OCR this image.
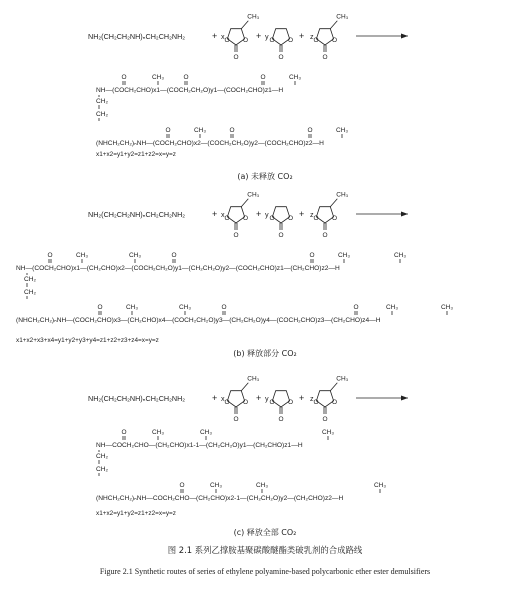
NH₂(CH₂CH₂NH)ₙCH₂CH₂NH₂	+ x O O
O
CH₃
+ y O O
O
+ z O O
O
CH₃
NH—(COCH₂CHO)x1—(COCH₂CH₂O)y1—(COCH₂CHO)z1—H
O	CH₃	O	O	CH₃
CH₂
CH₂
(NHCH₂CH₂)ₙNH—(COCH₂CHO)x2—(COCH₂CH₂O)y2—(COCH₂CHO)z2—H
O	CH₃	O	O	CH₃
x1+x2=y1+y2=z1+z2=x=y=z
(a) 未释放 CO₂
NH₂(CH₂CH₂NH)ₙCH₂CH₂NH₂	+ x O O
O
CH₃
+ y O O
O
+ z O O
O
CH₃
NH—(COCH₂CHO)x1—(CH₂CHO)x2—(COCH₂CH₂O)y1—(CH₂CH₂O)y2—(COCH₂CHO)z1—(CH₂CHO)z2—H
O	CH₃	CH₃	O	O	CH₃	CH₃
CH₂
CH₂
(NHCH₂CH₂)ₙNH—(COCH₂CHO)x3—(CH₂CHO)x4—(COCH₂CH₂O)y3—(CH₂CH₂O)y4—(COCH₂CHO)z3—(CH₂CHO)z4—H
O	CH₃	CH₃	O	O	CH₃	CH₃
x1+x2+x3+x4=y1+y2+y3+y4=z1+z2+z3+z4=x=y=z
(b) 释放部分 CO₂
NH₂(CH₂CH₂NH)ₙCH₂CH₂NH₂	+ x O O
O
CH₃
+ y O O
O
+ z O O
O
CH₃
NH—COCH₂CHO—(CH₂CHO)x1-1—(CH₂CH₂O)y1—(CH₂CHO)z1—H
O	CH₃	CH₃	CH₃
CH₂
CH₂
(NHCH₂CH₂)ₙNH—COCH₂CHO—(CH₂CHO)x2-1—(CH₂CH₂O)y2—(CH₂CHO)z2—H
O	CH₃	CH₃	CH₃
x1+x2=y1+y2=z1+z2=x=y=z
(c) 释放全部 CO₂
图 2.1 系列乙撑胺基聚碳酸醚酯类破乳剂的合成路线
Figure 2.1 Synthetic routes of series of ethylene polyamine-based polycarbonic ether ester demulsifiers
